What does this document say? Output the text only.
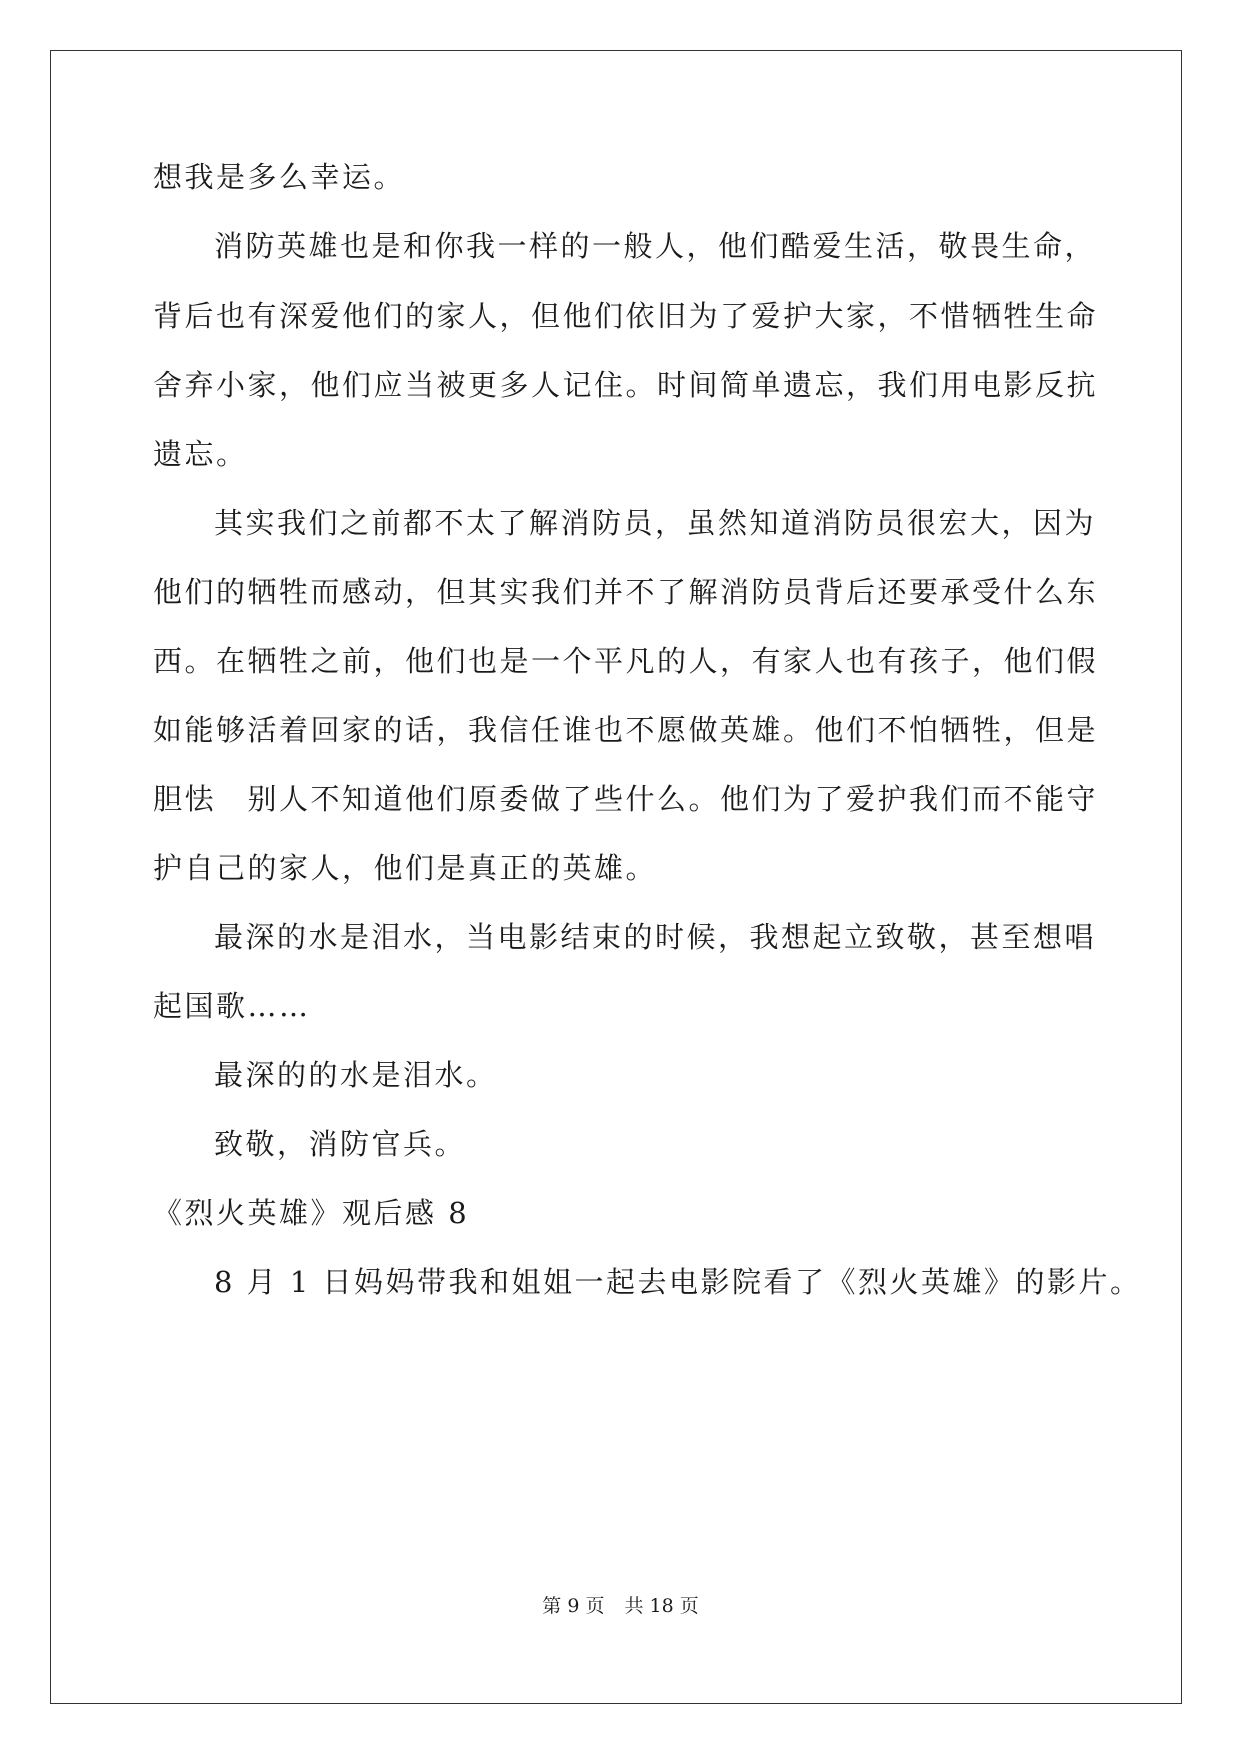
想我是多么幸运。
消防英雄也是和你我一样的一般人，他们酷爱生活，敬畏生命，
背后也有深爱他们的家人，但他们依旧为了爱护大家，不惜牺牲生命
舍弃小家，他们应当被更多人记住。时间简单遗忘，我们用电影反抗
遗忘。
其实我们之前都不太了解消防员，虽然知道消防员很宏大，因为
他们的牺牲而感动，但其实我们并不了解消防员背后还要承受什么东
西。在牺牲之前，他们也是一个平凡的人，有家人也有孩子，他们假
如能够活着回家的话，我信任谁也不愿做英雄。他们不怕牺牲，但是
胆怯　别人不知道他们原委做了些什么。他们为了爱护我们而不能守
护自己的家人，他们是真正的英雄。
最深的水是泪水，当电影结束的时候，我想起立致敬，甚至想唱
起国歌……
最深的的水是泪水。
致敬，消防官兵。
《烈火英雄》观后感 8
8 月 1 日妈妈带我和姐姐一起去电影院看了《烈火英雄》的影片。
第 9 页 共 18 页
